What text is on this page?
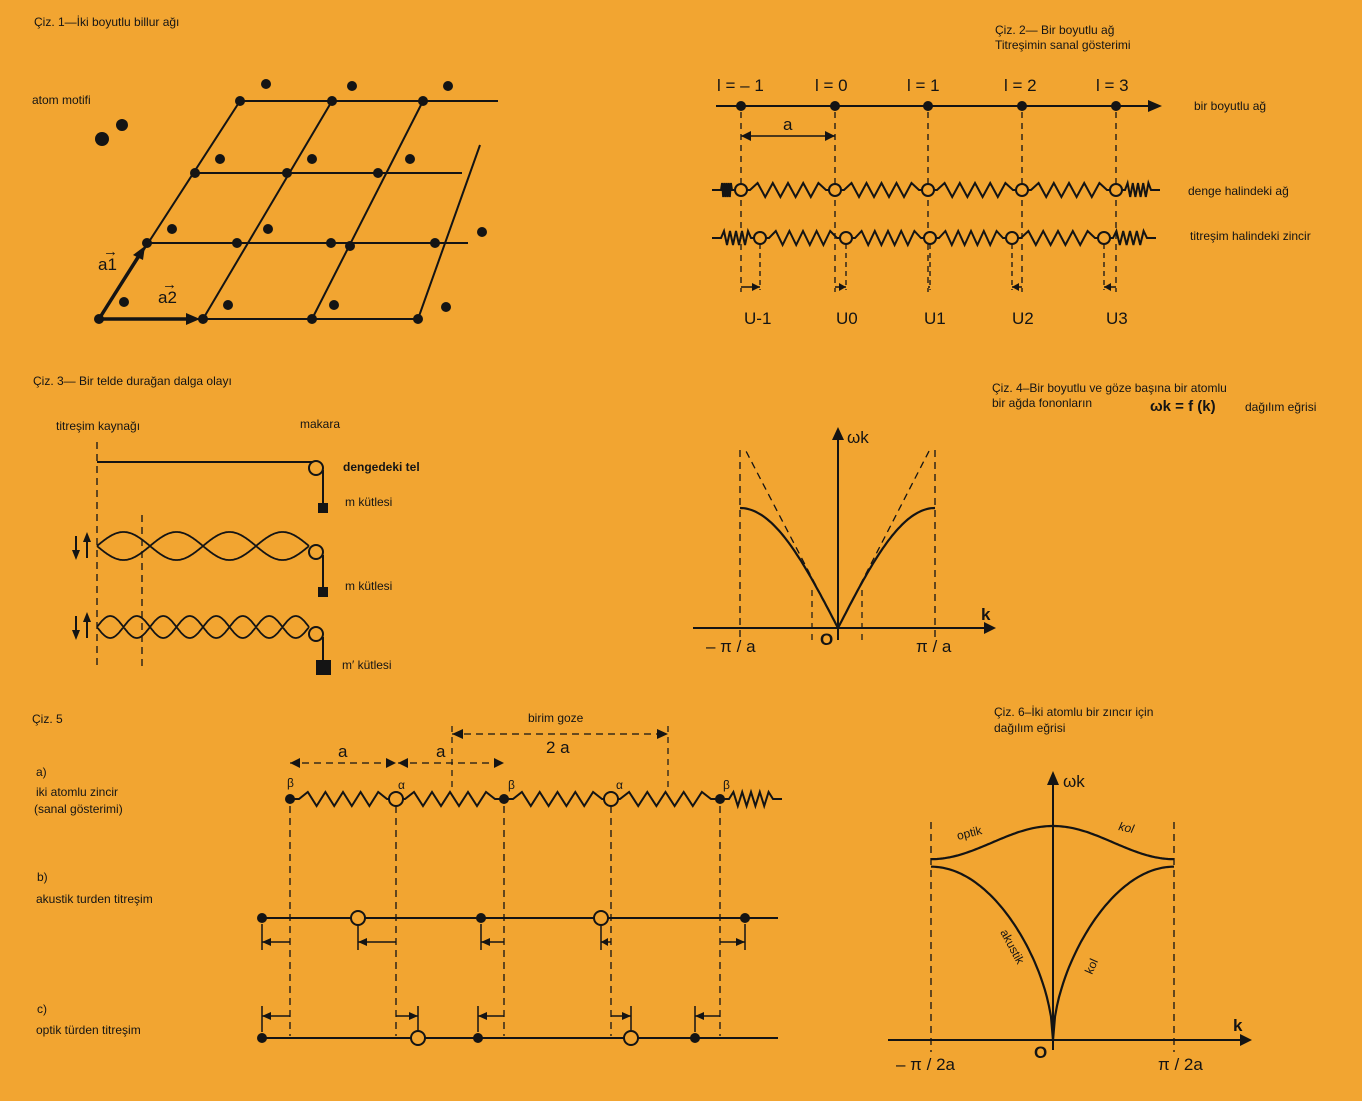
Çiz. 1—İki boyutlu billur ağı
atom motifi
a1
a2
→
→
Çiz. 2— Bir boyutlu ağ
Titreşimin sanal gösterimi
l = – 1	l = 0	l = 1	l = 2	l = 3
bir boyutlu ağ
a
denge halindeki ağ
titreşim halindeki zincir
U-1	U0	U1	U2	U3
Çiz. 3— Bir telde durağan dalga olayı
titreşim kaynağı	makara
dengedeki tel
m kütlesi
m kütlesi
m′ kütlesi
Çiz. 4–Bir boyutlu ve göze başına bir atomlu
bir ağda fononların	ωk = f (k) dağılım eğrisi
ωk
k
O
– π / a	π / a
Çiz. 5	birim goze
2 a
a	a
a)
iki atomlu zincir
(sanal gösterimi)
β	α	β	α	β
b)
akustik turden titreşim
c)
optik türden titreşim
Çiz. 6–İki atomlu bir zıncır için
dağılım eğrisi
ωk
k
O
optik	kol
akustik	kol
– π / 2a	π / 2a
